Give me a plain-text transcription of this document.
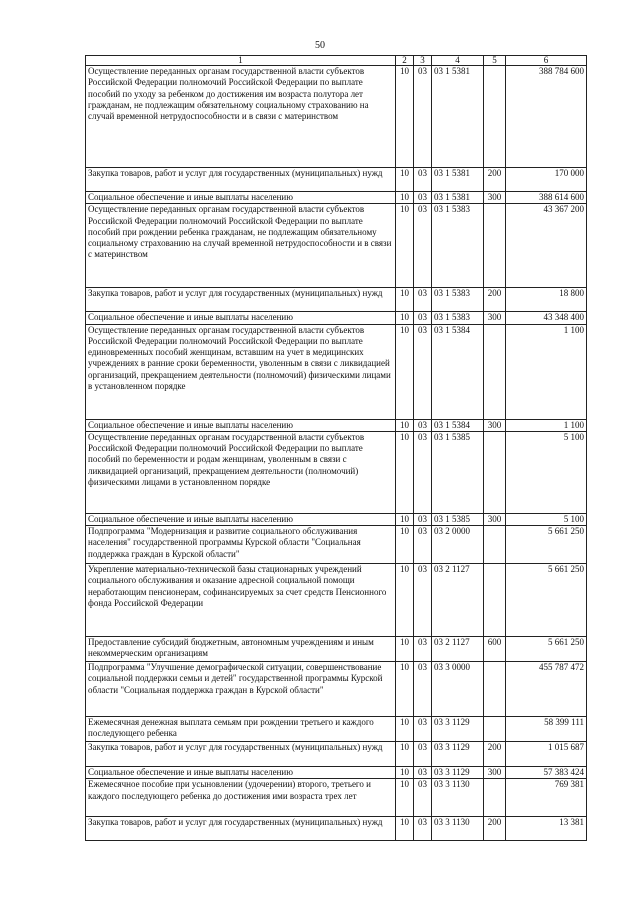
50
1	2	3	4	5	6
Осуществление переданных органам государственной власти субъектов Российской Федерации полномочий Российской Федерации по выплате пособий по уходу за ребенком до достижения им возраста полутора лет гражданам, не подлежащим обязательному социальному страхованию на случай временной нетрудоспособности и в связи с материнством	10	03	03 1 5381		388 784 600
Закупка товаров, работ и услуг для государственных (муниципальных) нужд	10	03	03 1 5381	200	170 000
Социальное обеспечение и иные выплаты населению	10	03	03 1 5381	300	388 614 600
Осуществление переданных органам государственной власти субъектов Российской Федерации полномочий Российской Федерации по выплате пособий при рождении ребенка гражданам, не подлежащим обязательному социальному страхованию на случай временной нетрудоспособности и в связи с материнством	10	03	03 1 5383		43 367 200
Закупка товаров, работ и услуг для государственных (муниципальных) нужд	10	03	03 1 5383	200	18 800
Социальное обеспечение и иные выплаты населению	10	03	03 1 5383	300	43 348 400
Осуществление переданных органам государственной власти субъектов Российской Федерации полномочий Российской Федерации по выплате единовременных пособий женщинам, вставшим на учет в медицинских учреждениях в ранние сроки беременности, уволенным в связи с ликвидацией организаций, прекращением деятельности (полномочий) физическими лицами в установленном порядке	10	03	03 1 5384		1 100
Социальное обеспечение и иные выплаты населению	10	03	03 1 5384	300	1 100
Осуществление переданных органам государственной власти субъектов Российской Федерации полномочий Российской Федерации по выплате пособий по беременности и родам женщинам, уволенным в связи с ликвидацией организаций, прекращением деятельности (полномочий) физическими лицами в установленном порядке	10	03	03 1 5385		5 100
Социальное обеспечение и иные выплаты населению	10	03	03 1 5385	300	5 100
Подпрограмма "Модернизация и развитие социального обслуживания населения" государственной программы Курской области "Социальная поддержка граждан в Курской области"	10	03	03 2 0000		5 661 250
Укрепление материально-технической базы стационарных учреждений социального обслуживания и оказание адресной социальной помощи неработающим пенсионерам, софинансируемых за счет средств Пенсионного фонда Российской Федерации	10	03	03 2 1127		5 661 250
Предоставление субсидий бюджетным, автономным учреждениям и иным некоммерческим организациям	10	03	03 2 1127	600	5 661 250
Подпрограмма "Улучшение демографической ситуации, совершенствование социальной поддержки семьи и детей" государственной программы Курской области "Социальная поддержка граждан в Курской области"	10	03	03 3 0000		455 787 472
Ежемесячная денежная выплата семьям при рождении третьего и каждого последующего ребенка	10	03	03 3 1129		58 399 111
Закупка товаров, работ и услуг для государственных (муниципальных) нужд	10	03	03 3 1129	200	1 015 687
Социальное обеспечение и иные выплаты населению	10	03	03 3 1129	300	57 383 424
Ежемесячное пособие при усыновлении (удочерении) второго, третьего и каждого последующего ребенка до достижения ими возраста трех лет	10	03	03 3 1130		769 381
Закупка товаров, работ и услуг для государственных (муниципальных) нужд	10	03	03 3 1130	200	13 381
